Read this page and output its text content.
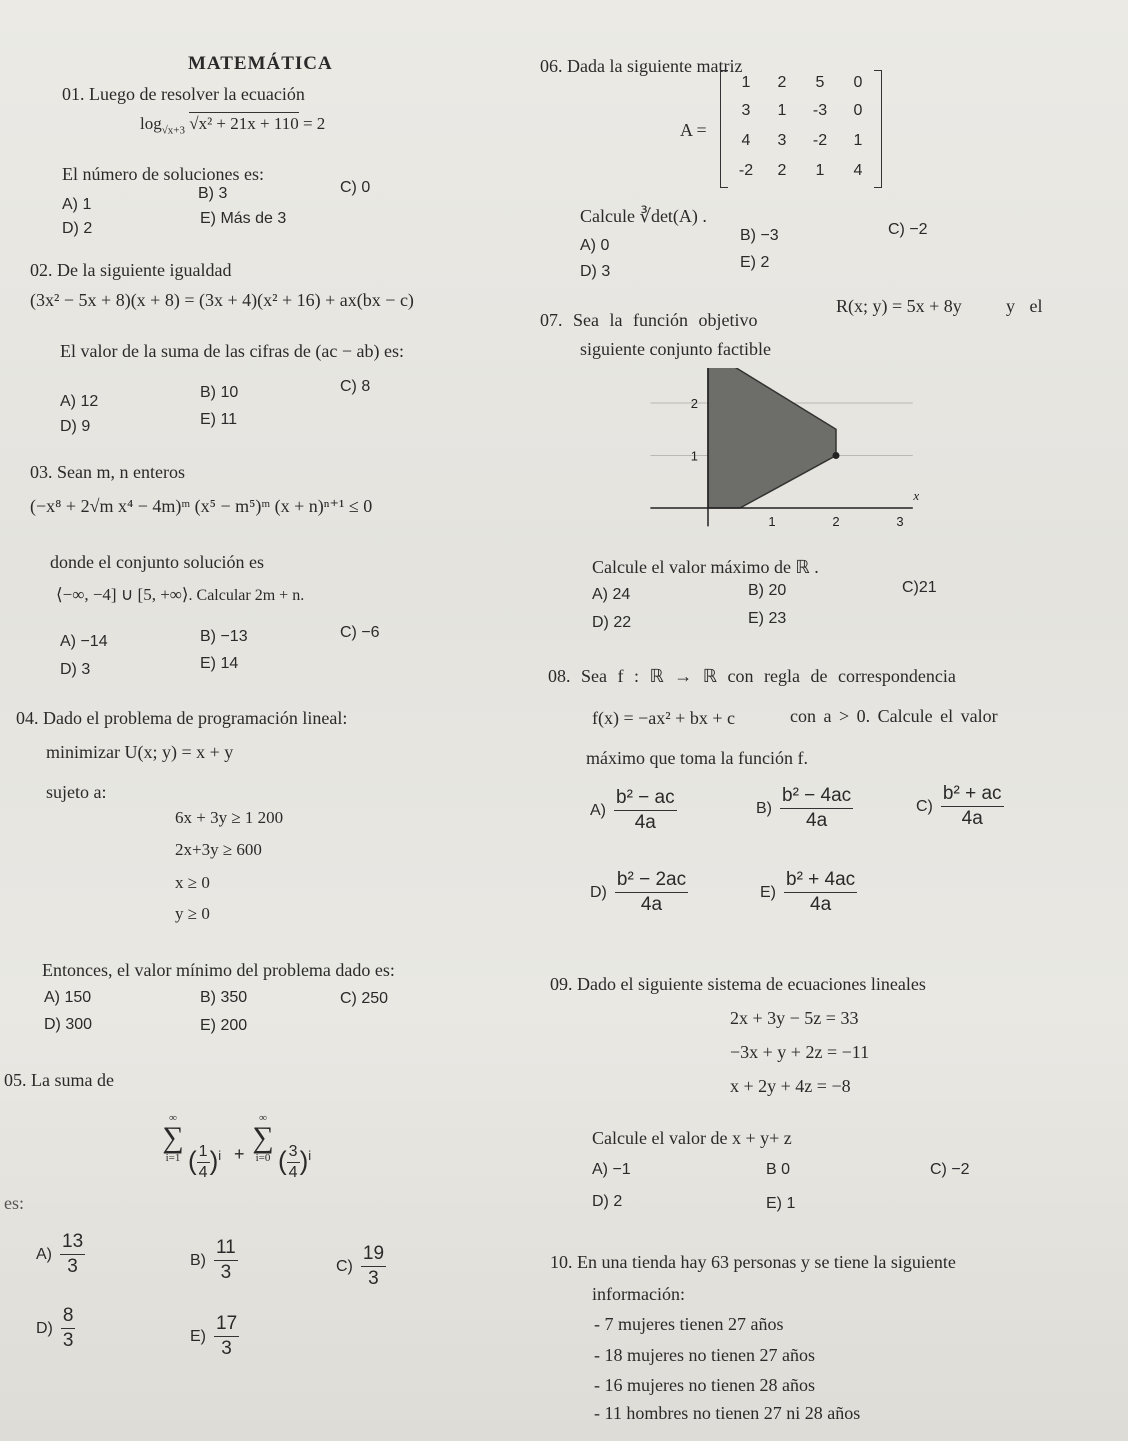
MATEMÁTICA
01. Luego de resolver la ecuación
$\log_{√x+3} √x^2 + 21x + 110 = 2$
El número de soluciones es:
A) 1
B) 3	C) 0
D) 2
E) Más de 3
02. De la siguiente igualdad
(3x² − 5x + 8)(x + 8) = (3x + 4)(x² + 16) + ax(bx − c)
El valor de la suma de las cifras de (ac − ab) es:
A) 12
B) 10	C) 8
D) 9	E) 11
03. Sean m, n enteros
(−x⁸ + 2√m x⁴ − 4m)ᵐ (x⁵ − m⁵)ᵐ (x + n)ⁿ⁺¹ ≤ 0
donde el conjunto solución es
⟨−∞, −4] ∪ [5, +∞⟩. Calcular 2m + n.
A) −14	B) −13	C) −6
D) 3	E) 14
04. Dado el problema de programación lineal:
minimizar U(x; y) = x + y
sujeto a:
6x + 3y ≥ 1 200
2x+3y ≥ 600
x ≥ 0
y ≥ 0
Entonces, el valor mínimo del problema dado es:
A) 150	B) 350	C) 250
D) 300	E) 200
05. La suma de
∞
∑
i=1 ( $\frac{1}{4} )^i$ +
∞
∑
i=0 ( $\frac{3}{4} )^i$
es:
$A) \frac{13}{3}$	$B) \frac{11}{3}$	$C) \frac{19}{3}$
$D) \frac{8}{3}$	$E) \frac{17}{3}$
06. Dada la siguiente matriz
A =
1	2	5	0
3	1	-3	0
4	3	-2	1
-2	2	1	4
Calcule ∛det(A) .
A) 0
B) −3	C) −2
D) 3
E) 2
07. Sea la función objetivo
R(x; y) = 5x + 8y y el
siguiente conjunto factible
1	2	3
1
2
x
Calcule el valor máximo de ℝ .
A) 24	B) 20	C)21
D) 22	E) 23
08. Sea f : ℝ → ℝ con regla de correspondencia
f(x) = −ax² + bx + c	con a > 0. Calcule el valor
máximo que toma la función f.
$A) \frac{\text{b² − ac}}{4a}$	$B) \frac{\text{b² − 4ac}}{4a}$	$C) \frac{\text{b² + ac}}{4a}$
$D) \frac{\text{b² − 2ac}}{4a}$	$E) \frac{\text{b² + 4ac}}{4a}$
09. Dado el siguiente sistema de ecuaciones lineales
2x + 3y − 5z = 33
−3x + y + 2z = −11
x + 2y + 4z = −8
Calcule el valor de x + y+ z
A) −1	B 0	C) −2
D) 2	E) 1
10. En una tienda hay 63 personas y se tiene la siguiente
información:
- 7 mujeres tienen 27 años
- 18 mujeres no tienen 27 años
- 16 mujeres no tienen 28 años
- 11 hombres no tienen 27 ni 28 años
